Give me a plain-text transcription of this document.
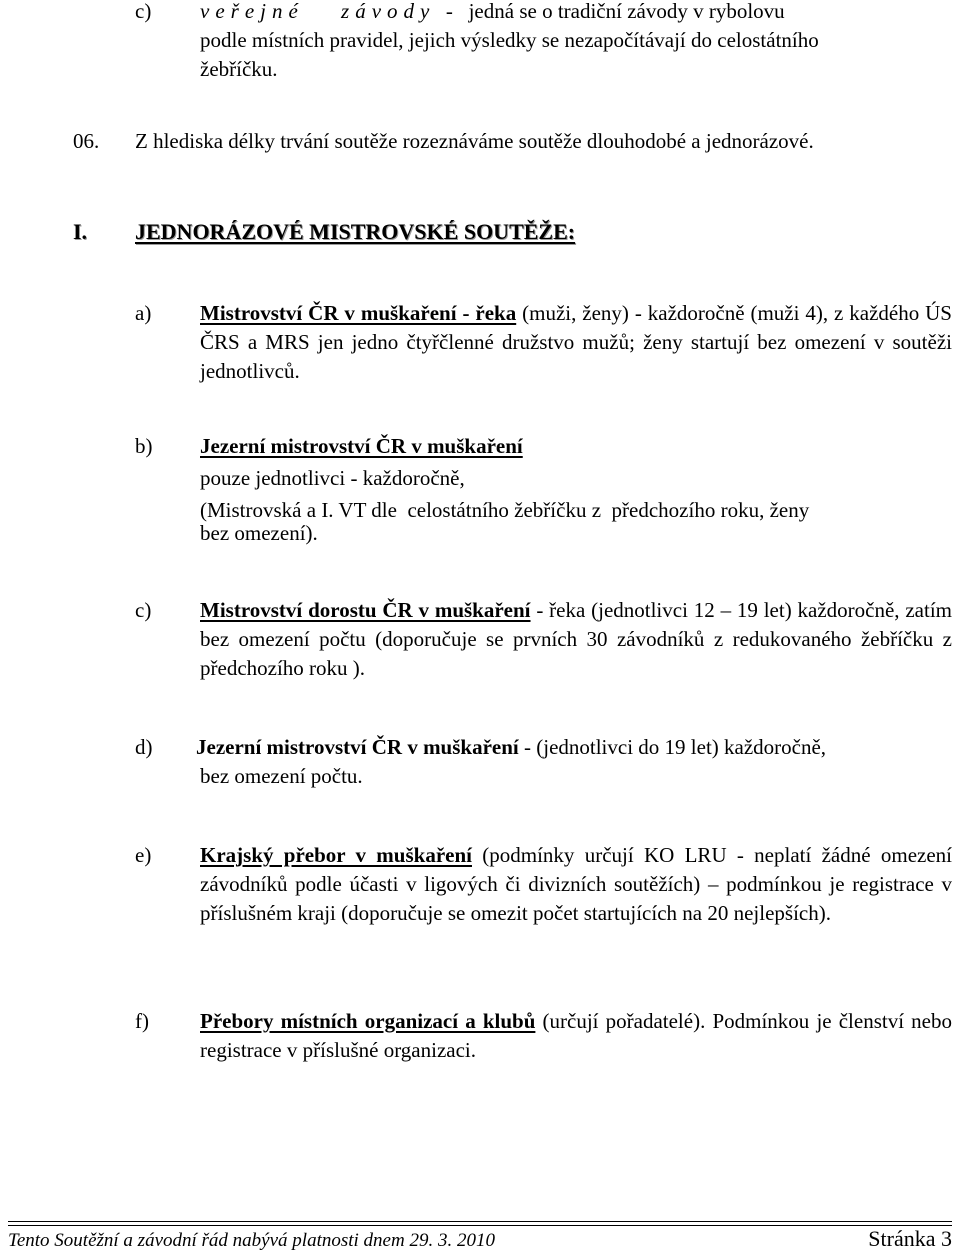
c)	veřejné závody  -   jedná se o tradiční závody v rybolovu
podle místních pravidel, jejich výsledky se nezapočítávají do celostátního
žebříčku.
06. Z hlediska délky trvání soutěže rozeznáváme soutěže dlouhodobé a jednorázové.
I. JEDNORÁZOVÉ MISTROVSKÉ SOUTĚŽE:
a)	Mistrovství ČR v muškaření - řeka (muži, ženy) - každoročně (muži 4), z každého ÚS ČRS a MRS jen jedno čtyřčlenné družstvo mužů; ženy startují bez omezení v soutěži jednotlivců.
b)	Jezerní mistrovství ČR v muškaření
pouze jednotlivci - každoročně,
(Mistrovská a I. VT dle  celostátního žebříčku z  předchozího roku, ženy
bez omezení).
c)	Mistrovství dorostu ČR v muškaření - řeka (jednotlivci 12 – 19 let) každoročně, zatím bez omezení počtu (doporučuje se prvních 30 závodníků z redukovaného žebříčku z předchozího roku ).
d)	Jezerní mistrovství ČR v muškaření - (jednotlivci do 19 let) každoročně,
bez omezení počtu.
e)	Krajský přebor v muškaření (podmínky určují KO LRU - neplatí žádné omezení závodníků podle účasti v ligových či divizních soutěžích) – podmínkou je registrace v příslušném kraji (doporučuje se omezit počet startujících na 20 nejlepších).
f)	Přebory místních organizací a klubů (určují pořadatelé). Podmínkou je členství nebo registrace v příslušné organizaci.
Tento Soutěžní a závodní řád nabývá platnosti dnem 29. 3. 2010	Stránka 3
